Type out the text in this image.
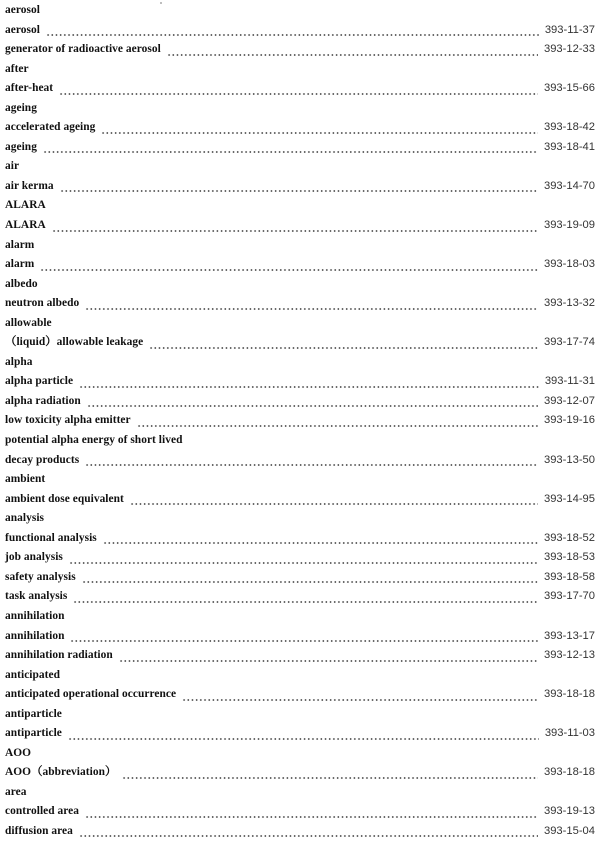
aerosol
aerosol	393-11-37
generator of radioactive aerosol	393-12-33
after
after-heat	393-15-66
ageing
accelerated ageing	393-18-42
ageing	393-18-41
air
air kerma	393-14-70
ALARA
ALARA	393-19-09
alarm
alarm	393-18-03
albedo
neutron albedo	393-13-32
allowable
（liquid）allowable leakage	393-17-74
alpha
alpha particle	393-11-31
alpha radiation	393-12-07
low toxicity alpha emitter	393-19-16
potential alpha energy of short lived
decay products	393-13-50
ambient
ambient dose equivalent	393-14-95
analysis
functional analysis	393-18-52
job analysis	393-18-53
safety analysis	393-18-58
task analysis	393-17-70
annihilation
annihilation	393-13-17
annihilation radiation	393-12-13
anticipated
anticipated operational occurrence	393-18-18
antiparticle
antiparticle	393-11-03
AOO
AOO（abbreviation）	393-18-18
area
controlled area	393-19-13
diffusion area	393-15-04
